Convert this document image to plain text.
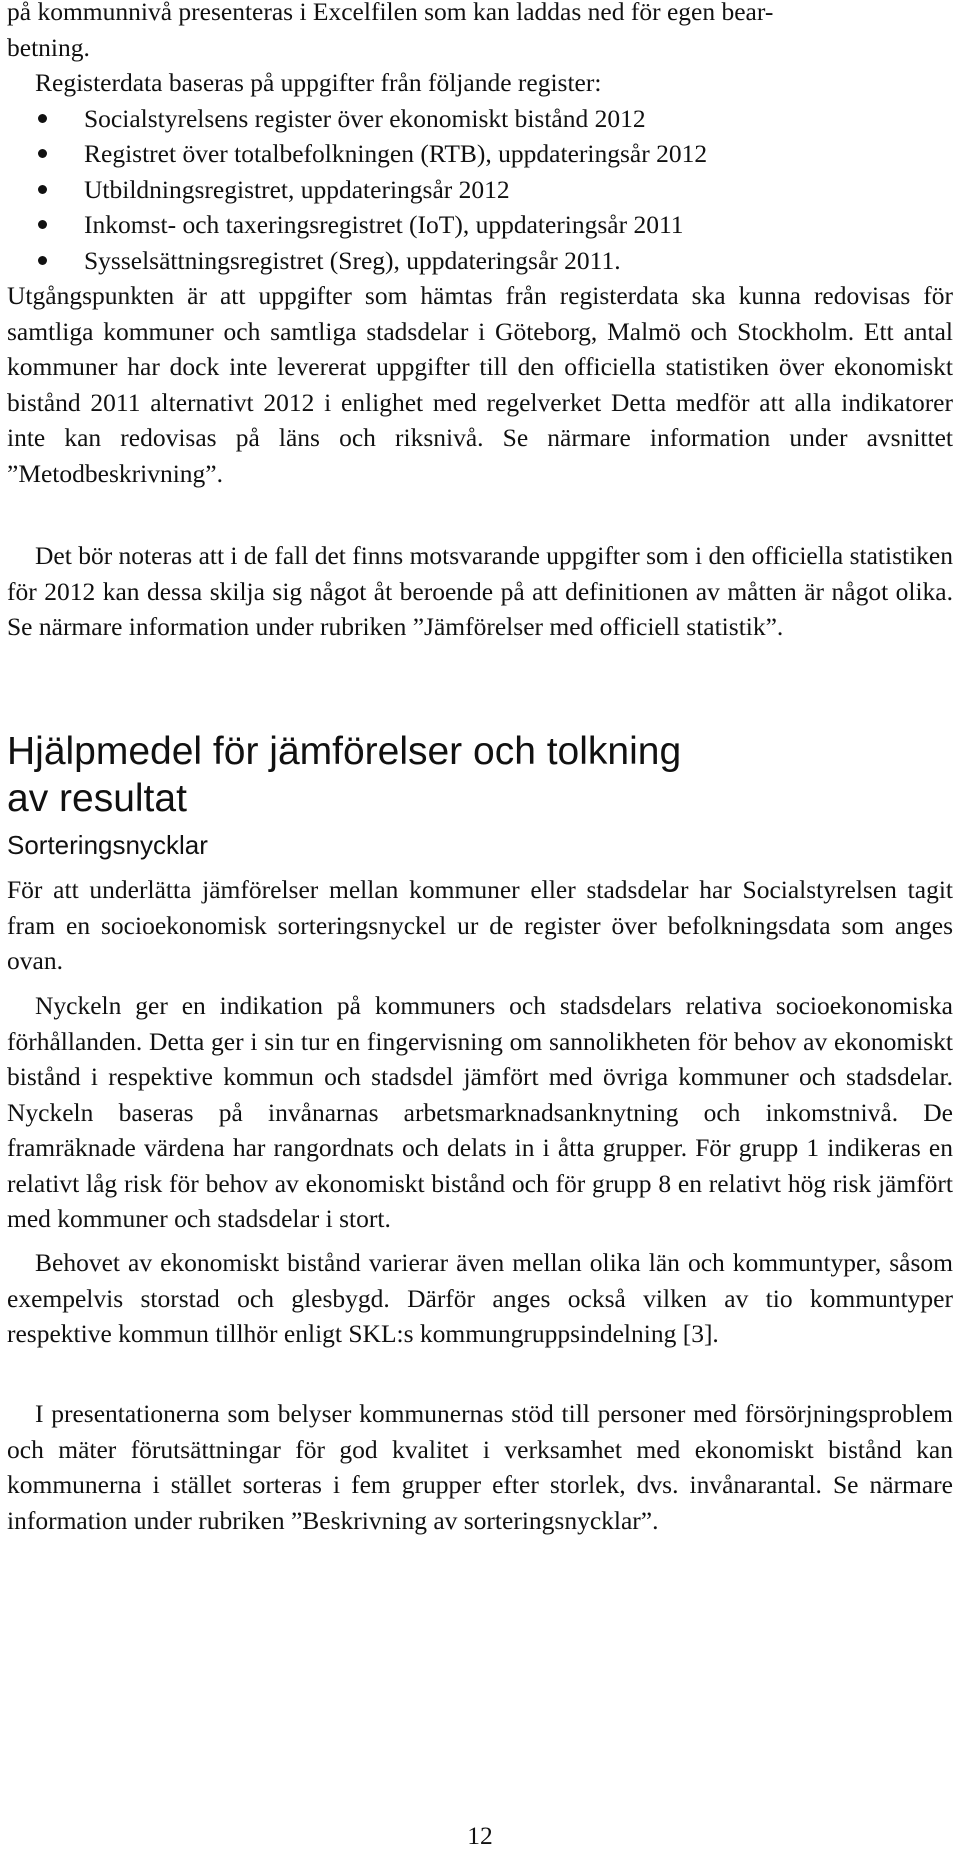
på kommunnivå presenteras i Excelfilen som kan laddas ned för egen bear-
betning.

Registerdata baseras på uppgifter från följande register:

Socialstyrelsens register över ekonomiskt bistånd 2012
Registret över totalbefolkningen (RTB), uppdateringsår 2012
Utbildningsregistret, uppdateringsår 2012
Inkomst- och taxeringsregistret (IoT), uppdateringsår 2011
Sysselsättningsregistret (Sreg), uppdateringsår 2011.

Utgångspunkten är att uppgifter som hämtas från registerdata ska kunna redovisas för samtliga kommuner och samtliga stadsdelar i Göteborg, Malmö och Stockholm. Ett antal kommuner har dock inte levererat uppgifter till den officiella statistiken över ekonomiskt bistånd 2011 alternativt 2012 i enlighet med regelverket Detta medför att alla indikatorer inte kan redovisas på läns och riksnivå. Se närmare information under avsnittet ”Metodbeskrivning”.

Det bör noteras att i de fall det finns motsvarande uppgifter som i den officiella statistiken för 2012 kan dessa skilja sig något åt beroende på att definitionen av måtten är något olika. Se närmare information under rubriken ”Jämförelser med officiell statistik”.

Hjälpmedel för jämförelser och tolkning
av resultat
Sorteringsnycklar

För att underlätta jämförelser mellan kommuner eller stadsdelar har Socialstyrelsen tagit fram en socioekonomisk sorteringsnyckel ur de register över befolkningsdata som anges ovan.

Nyckeln ger en indikation på kommuners och stadsdelars relativa socioekonomiska förhållanden. Detta ger i sin tur en fingervisning om sannolikheten för behov av ekonomiskt bistånd i respektive kommun och stadsdel jämfört med övriga kommuner och stadsdelar. Nyckeln baseras på invånarnas arbetsmarknadsanknytning och inkomstnivå. De framräknade värdena har rangordnats och delats in i åtta grupper. För grupp 1 indikeras en relativt låg risk för behov av ekonomiskt bistånd och för grupp 8 en relativt hög risk jämfört med kommuner och stadsdelar i stort.

Behovet av ekonomiskt bistånd varierar även mellan olika län och kommuntyper, såsom exempelvis storstad och glesbygd. Därför anges också vilken av tio kommuntyper respektive kommun tillhör enligt SKL:s kommungruppsindelning [3].

I presentationerna som belyser kommunernas stöd till personer med försörjningsproblem och mäter förutsättningar för god kvalitet i verksamhet med ekonomiskt bistånd kan kommunerna i stället sorteras i fem grupper efter storlek, dvs. invånarantal. Se närmare information under rubriken ”Beskrivning av sorteringsnycklar”.

12
